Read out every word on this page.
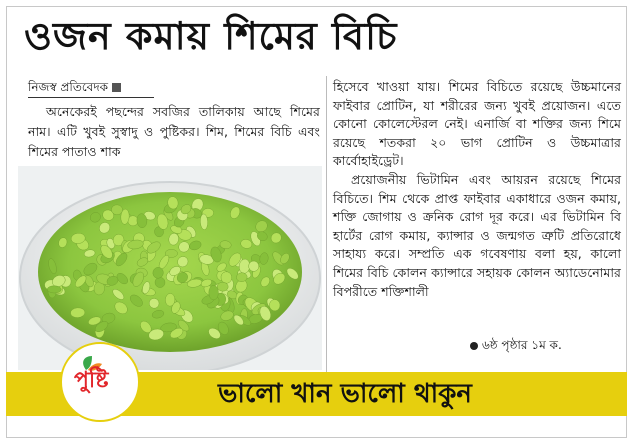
ওজন কমায় শিমের বিচি
নিজস্ব প্রতিবেদক

অনেকেরই পছন্দের সবজির তালিকায় আছে শিমের নাম। এটি খুবই সুস্বাদু ও পুষ্টিকর। শিম, শিমের বিচি এবং শিমের পাতাও শাক

হিসেবে খাওয়া যায়। শিমের বিচিতে রয়েছে উচ্চমানের ফাইবার প্রোটিন, যা শরীরের জন্য খুবই প্রয়োজন। এতে কোনো কোলেস্টেরল নেই। এনার্জি বা শক্তির জন্য শিমে রয়েছে শতকরা ২০ ভাগ প্রোটিন ও উচ্চমাত্রার কার্বোহাইড্রেট।

প্রয়োজনীয় ভিটামিন এবং আয়রন রয়েছে শিমের বিচিতে। শিম থেকে প্রাপ্ত ফাইবার একাধারে ওজন কমায়, শক্তি জোগায় ও ক্রনিক রোগ দূর করে। এর ভিটামিন বি হার্টের রোগ কমায়, ক্যান্সার ও জন্মগত ত্রুটি প্রতিরোধে সাহায্য করে। সম্প্রতি এক গবেষণায় বলা হয়, কালো শিমের বিচি কোলন ক্যান্সারে সহায়ক কোলন অ্যাডেনোমার বিপরীতে শক্তিশালী

৬ষ্ঠ পৃষ্ঠার ১ম ক.
ভালো খান ভালো থাকুন
পুষ্টি
